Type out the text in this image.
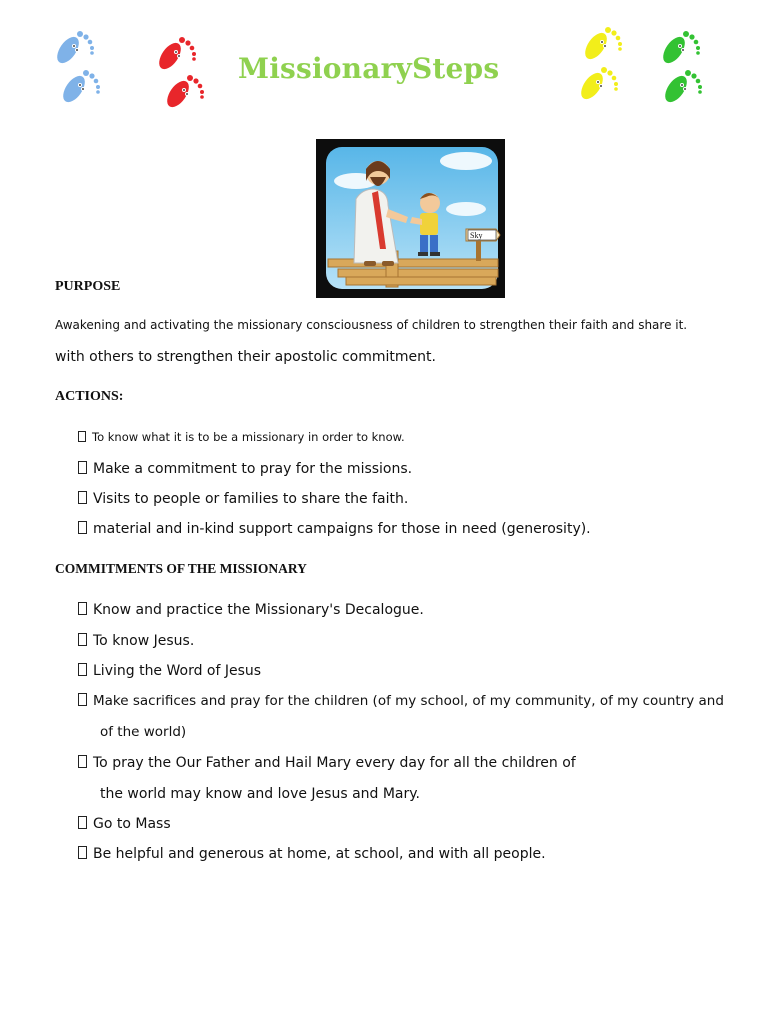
MissionarySteps
Sky
PURPOSE
Awakening and activating the missionary consciousness of children to strengthen their faith and share it.
with others to strengthen their apostolic commitment.
ACTIONS:
To know what it is to be a missionary in order to know.
Make a commitment to pray for the missions.
Visits to people or families to share the faith.
material and in-kind support campaigns for those in need (generosity).
COMMITMENTS OF THE MISSIONARY
Know and practice the Missionary's Decalogue.
To know Jesus.
Living the Word of Jesus
Make sacrifices and pray for the children (of my school, of my community, of my country and
of the world)
To pray the Our Father and Hail Mary every day for all the children of
the world may know and love Jesus and Mary.
Go to Mass
Be helpful and generous at home, at school, and with all people.
